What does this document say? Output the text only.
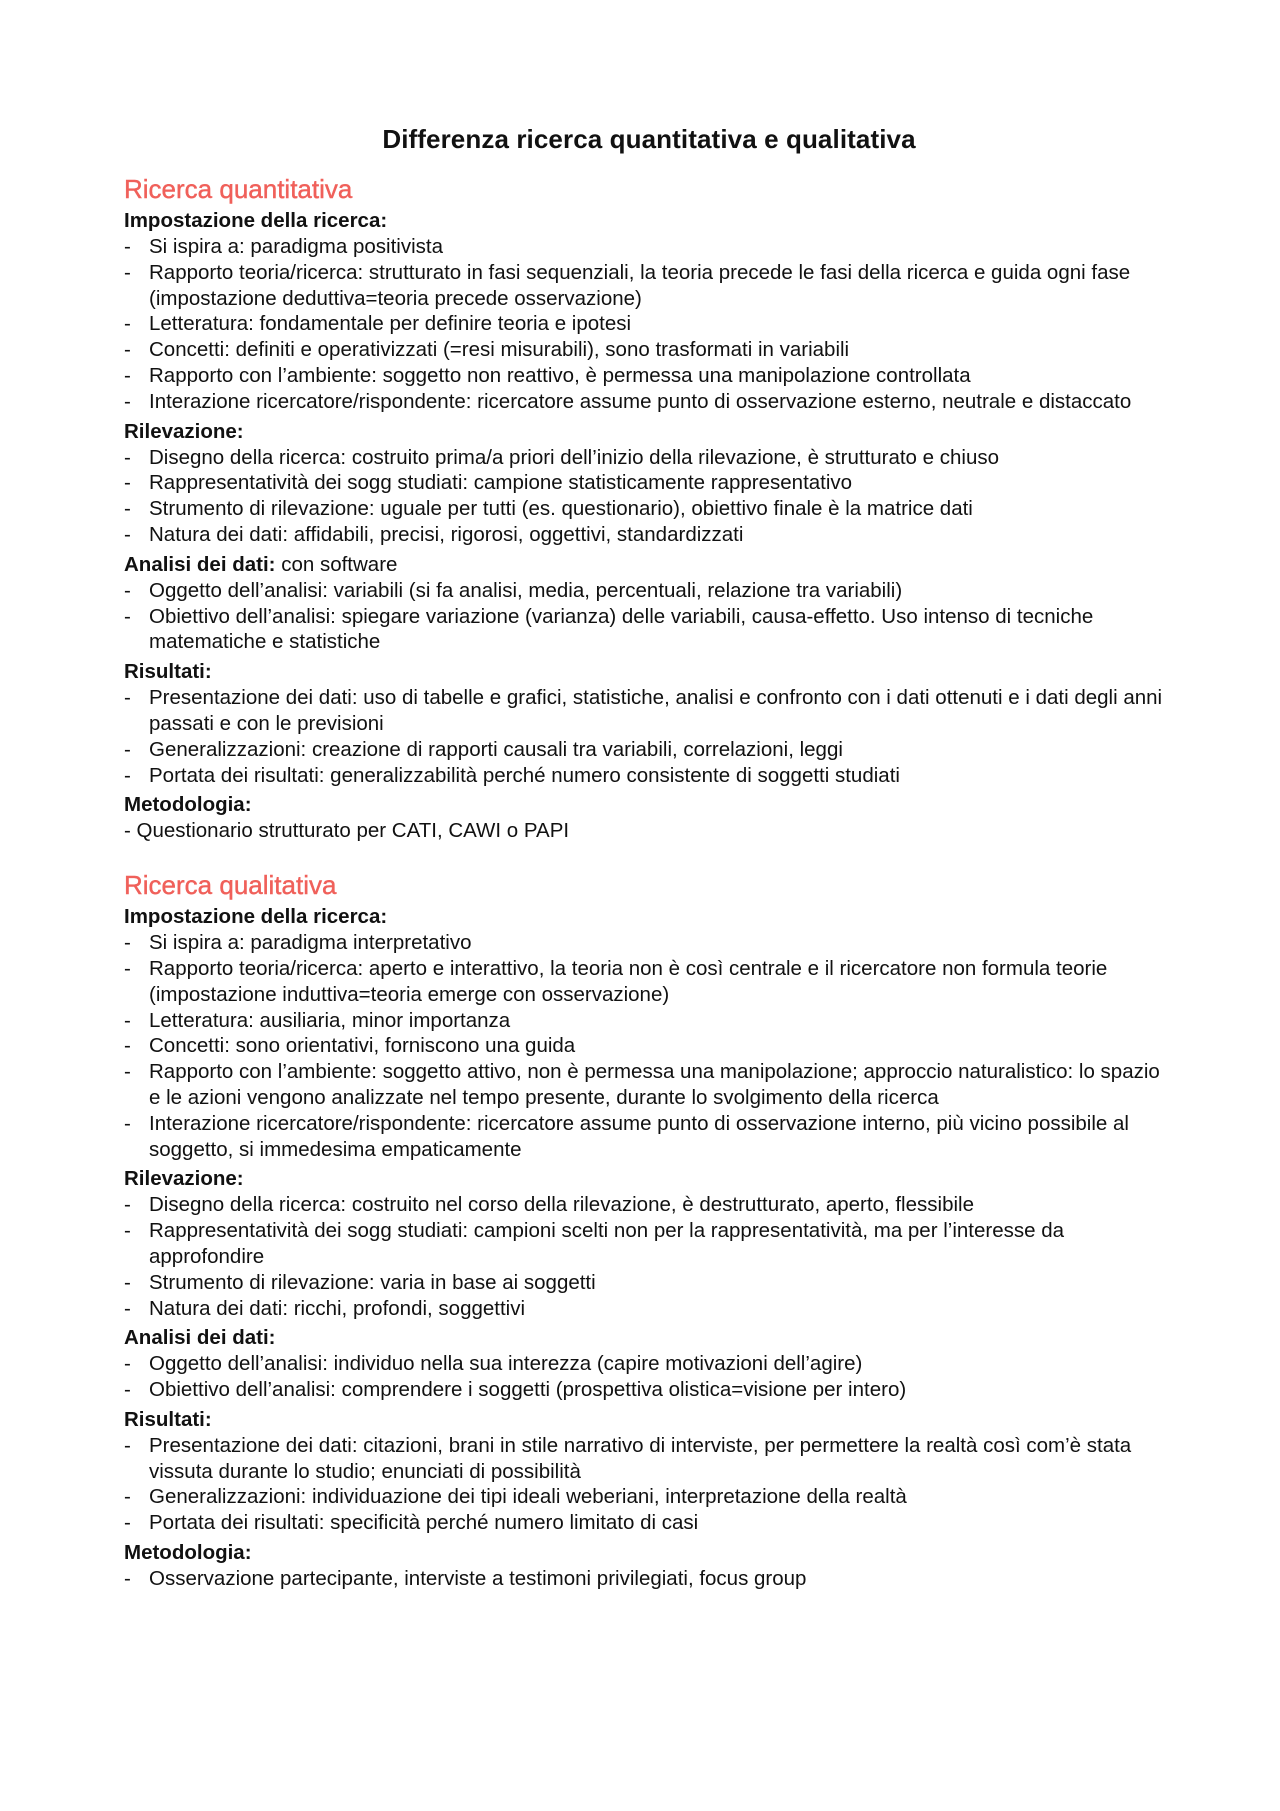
Differenza ricerca quantitativa e qualitativa
Ricerca quantitativa
Impostazione della ricerca:
- Si ispira a: paradigma positivista
- Rapporto teoria/ricerca: strutturato in fasi sequenziali, la teoria precede le fasi della ricerca e guida ogni fase (impostazione deduttiva=teoria precede osservazione)
- Letteratura: fondamentale per definire teoria e ipotesi
- Concetti: definiti e operativizzati (=resi misurabili), sono trasformati in variabili
- Rapporto con l’ambiente: soggetto non reattivo, è permessa una manipolazione controllata
- Interazione ricercatore/rispondente: ricercatore assume punto di osservazione esterno, neutrale e distaccato
Rilevazione:
- Disegno della ricerca: costruito prima/a priori dell’inizio della rilevazione, è strutturato e chiuso
- Rappresentatività dei sogg studiati: campione statisticamente rappresentativo
- Strumento di rilevazione: uguale per tutti (es. questionario), obiettivo finale è la matrice dati
- Natura dei dati: affidabili, precisi, rigorosi, oggettivi, standardizzati
Analisi dei dati: con software
- Oggetto dell’analisi: variabili (si fa analisi, media, percentuali, relazione tra variabili)
- Obiettivo dell’analisi: spiegare variazione (varianza) delle variabili, causa-effetto. Uso intenso di tecniche matematiche e statistiche
Risultati:
- Presentazione dei dati: uso di tabelle e grafici, statistiche, analisi e confronto con i dati ottenuti e i dati degli anni passati e con le previsioni
- Generalizzazioni: creazione di rapporti causali tra variabili, correlazioni, leggi
- Portata dei risultati: generalizzabilità perché numero consistente di soggetti studiati
Metodologia:
- Questionario strutturato per CATI, CAWI o PAPI
Ricerca qualitativa
Impostazione della ricerca:
- Si ispira a: paradigma interpretativo
- Rapporto teoria/ricerca: aperto e interattivo, la teoria non è così centrale e il ricercatore non formula teorie (impostazione induttiva=teoria emerge con osservazione)
- Letteratura: ausiliaria, minor importanza
- Concetti: sono orientativi, forniscono una guida
- Rapporto con l’ambiente: soggetto attivo, non è permessa una manipolazione; approccio naturalistico: lo spazio e le azioni vengono analizzate nel tempo presente, durante lo svolgimento della ricerca
- Interazione ricercatore/rispondente: ricercatore assume punto di osservazione interno, più vicino possibile al soggetto, si immedesima empaticamente
Rilevazione:
- Disegno della ricerca: costruito nel corso della rilevazione, è destrutturato, aperto, flessibile
- Rappresentatività dei sogg studiati: campioni scelti non per la rappresentatività, ma per l’interesse da approfondire
- Strumento di rilevazione: varia in base ai soggetti
- Natura dei dati: ricchi, profondi, soggettivi
Analisi dei dati:
- Oggetto dell’analisi: individuo nella sua interezza (capire motivazioni dell’agire)
- Obiettivo dell’analisi: comprendere i soggetti (prospettiva olistica=visione per intero)
Risultati:
- Presentazione dei dati: citazioni, brani in stile narrativo di interviste, per permettere la realtà così com’è stata vissuta durante lo studio; enunciati di possibilità
- Generalizzazioni: individuazione dei tipi ideali weberiani, interpretazione della realtà
- Portata dei risultati: specificità perché numero limitato di casi
Metodologia:
- Osservazione partecipante, interviste a testimoni privilegiati, focus group
